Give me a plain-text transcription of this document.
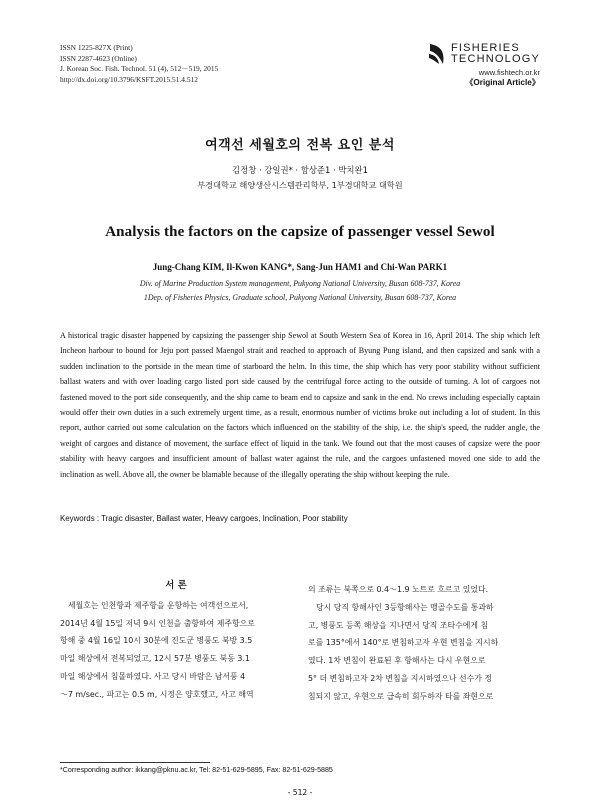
ISSN 1225-827X (Print)
ISSN 2287-4623 (Online)
J. Korean Soc. Fish. Technol. 51 (4), 512－519, 2015
http://dx.doi.org/10.3796/KSFT.2015.51.4.512
FISHERIES
TECHNOLOGY
www.fishtech.or.kr
《Original Article》
여객선 세월호의 전복 요인 분석
김정창 · 강일권* · 함상준1 · 박치완1
부경대학교 해양생산시스템관리학부, 1부경대학교 대학원
Analysis the factors on the capsize of passenger vessel Sewol
Jung-Chang KIM, Il-Kwon KANG*, Sang-Jun HAM1 and Chi-Wan PARK1
Div. of Marine Production System management, Pukyong National University, Busan 608-737, Korea
1Dep. of Fisheries Physics, Graduate school, Pukyong National University, Busan 608-737, Korea

A historical tragic disaster happened by capsizing the passenger ship Sewol at South Western Sea of Korea in 16, April 2014. The ship which left Incheon harbour to bound for Jeju port passed Maengol strait and reached to approach of Byung Pung island, and then capsized and sank with a sudden inclination to the portside in the mean time of starboard the helm. In this time, the ship which has very poor stability without sufficient ballast waters and with over loading cargo listed port side caused by the centrifugal force acting to the outside of turning. A lot of cargoes not fastened moved to the port side consequently, and the ship came to beam end to capsize and sank in the end. No crews including especially captain would offer their own duties in a such extremely urgent time, as a result, enormous number of victims broke out including a lot of student. In this report, author carried out some calculation on the factors which influenced on the stability of the ship, i.e. the ship's speed, the rudder angle, the weight of cargoes and distance of movement, the surface effect of liquid in the tank. We found out that the most causes of capsize were the poor stability with heavy cargoes and insufficient amount of ballast water against the rule, and the cargoes unfastened moved one side to add the inclination as well. Above all, the owner be blamable because of the illegally operating the ship without keeping the rule.

Keywords : Tragic disaster, Ballast water, Heavy cargoes, Inclination, Poor stability
서 론
세월호는 인천항과 제주항을 운항하는 여객선으로서,
2014년 4월 15일 저녁 9시 인천을 출항하여 제주항으로
항해 중 4월 16일 10시 30분에 진도군 병풍도 북방 3.5
마일 해상에서 전복되었고, 12시 57분 병풍도 북동 3.1
마일 해상에서 침몰하였다. 사고 당시 바람은 남서풍 4
～7 m/sec., 파고는 0.5 m, 시정은 양호했고, 사고 해역
의 조류는 북쪽으로 0.4～1.9 노트로 흐르고 있었다.
당시 당직 항해사인 3등항해사는 맹골수도를 통과하
고, 병풍도 등쪽 해상을 지나면서 당직 조타수에게 침
로를 135°에서 140°로 변침하고자 우현 변침을 지시하
였다. 1차 변침이 완료된 후 항해사는 다시 우현으로
5° 더 변침하고자 2차 변침을 지시하였으나 선수가 정
침되지 않고, 우현으로 급속히 회두하자 타를 좌현으로
*Corresponding author: ikkang@pknu.ac.kr, Tel: 82-51-629-5895, Fax: 82-51-629-5885
- 512 -
